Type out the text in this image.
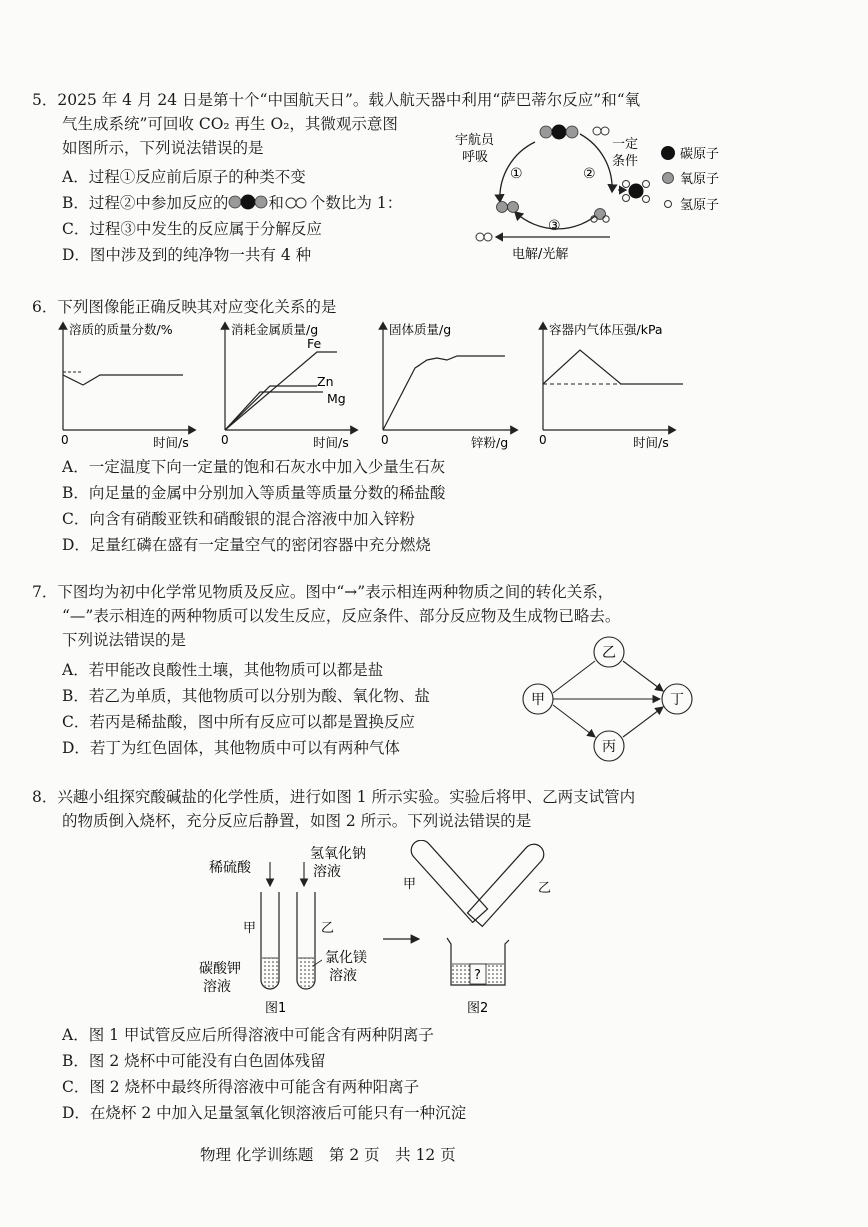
5．2025 年 4 月 24 日是第十个“中国航天日”。载人航天器中利用“萨巴蒂尔反应”和“氧
气生成系统”可回收 CO₂ 再生 O₂，其微观示意图
如图所示，下列说法错误的是
A．过程①反应前后原子的种类不变
B．过程②中参加反应的	和 个数比为 1：
C．过程③中发生的反应属于分解反应
D．图中涉及到的纯净物一共有 4 种
宇航员
呼吸
一定
条件
①	②
③
电解/光解
碳原子
氧原子
氢原子
6．下列图像能正确反映其对应变化关系的是
溶质的质量分数/%
时间/s
0
消耗金属质量/g
时间/s
0
Fe
Zn
Mg
固体质量/g
锌粉/g
0
容器内气体压强/kPa
时间/s
0
A．一定温度下向一定量的饱和石灰水中加入少量生石灰
B．向足量的金属中分别加入等质量等质量分数的稀盐酸
C．向含有硝酸亚铁和硝酸银的混合溶液中加入锌粉
D．足量红磷在盛有一定量空气的密闭容器中充分燃烧
7．下图均为初中化学常见物质及反应。图中“→”表示相连两种物质之间的转化关系，
“—”表示相连的两种物质可以发生反应，反应条件、部分反应物及生成物已略去。
下列说法错误的是
A．若甲能改良酸性土壤，其他物质可以都是盐
B．若乙为单质，其他物质可以分别为酸、氧化物、盐
C．若丙是稀盐酸，图中所有反应可以都是置换反应
D．若丁为红色固体，其他物质中可以有两种气体
甲
乙
丁
丙
8．兴趣小组探究酸碱盐的化学性质，进行如图 1 所示实验。实验后将甲、乙两支试管内
的物质倒入烧杯，充分反应后静置，如图 2 所示。下列说法错误的是
稀硫酸
氢氧化钠
溶液
甲	乙
碳酸钾
溶液
氯化镁
溶液
图1
甲	乙
?
图2
A．图 1 甲试管反应后所得溶液中可能含有两种阴离子
B．图 2 烧杯中可能没有白色固体残留
C．图 2 烧杯中最终所得溶液中可能含有两种阳离子
D．在烧杯 2 中加入足量氢氧化钡溶液后可能只有一种沉淀
物理 化学训练题　第 2 页　共 12 页
